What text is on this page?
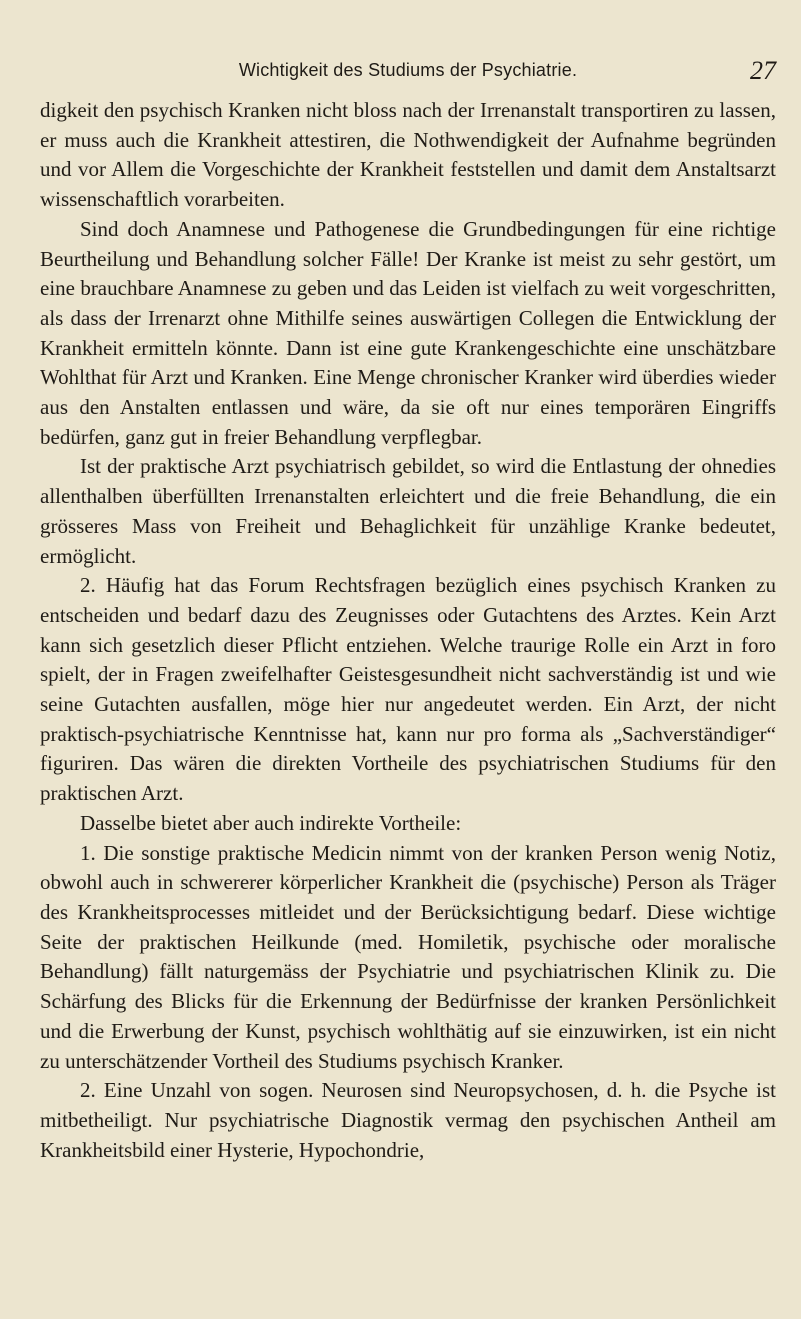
Wichtigkeit des Studiums der Psychiatrie.	27

digkeit den psychisch Kranken nicht bloss nach der Irrenanstalt transportiren zu lassen, er muss auch die Krankheit attestiren, die Nothwendigkeit der Aufnahme begründen und vor Allem die Vorgeschichte der Krankheit feststellen und damit dem Anstaltsarzt wissenschaftlich vorarbeiten.

Sind doch Anamnese und Pathogenese die Grundbedingungen für eine richtige Beurtheilung und Behandlung solcher Fälle! Der Kranke ist meist zu sehr gestört, um eine brauchbare Anamnese zu geben und das Leiden ist vielfach zu weit vorgeschritten, als dass der Irrenarzt ohne Mithilfe seines auswärtigen Collegen die Entwicklung der Krankheit ermitteln könnte. Dann ist eine gute Krankengeschichte eine unschätzbare Wohlthat für Arzt und Kranken. Eine Menge chronischer Kranker wird überdies wieder aus den Anstalten entlassen und wäre, da sie oft nur eines temporären Eingriffs bedürfen, ganz gut in freier Behandlung verpflegbar.

Ist der praktische Arzt psychiatrisch gebildet, so wird die Entlastung der ohnedies allenthalben überfüllten Irrenanstalten erleichtert und die freie Behandlung, die ein grösseres Mass von Freiheit und Behaglichkeit für unzählige Kranke bedeutet, ermöglicht.

2. Häufig hat das Forum Rechtsfragen bezüglich eines psychisch Kranken zu entscheiden und bedarf dazu des Zeugnisses oder Gutachtens des Arztes. Kein Arzt kann sich gesetzlich dieser Pflicht entziehen. Welche traurige Rolle ein Arzt in foro spielt, der in Fragen zweifelhafter Geistesgesundheit nicht sachverständig ist und wie seine Gutachten ausfallen, möge hier nur angedeutet werden. Ein Arzt, der nicht praktisch-psychiatrische Kenntnisse hat, kann nur pro forma als „Sachverständiger“ figuriren. Das wären die direkten Vortheile des psychiatrischen Studiums für den praktischen Arzt.

Dasselbe bietet aber auch indirekte Vortheile:

1. Die sonstige praktische Medicin nimmt von der kranken Person wenig Notiz, obwohl auch in schwererer körperlicher Krankheit die (psychische) Person als Träger des Krankheitsprocesses mitleidet und der Berücksichtigung bedarf. Diese wichtige Seite der praktischen Heilkunde (med. Homiletik, psychische oder moralische Behandlung) fällt naturgemäss der Psychiatrie und psychiatrischen Klinik zu. Die Schärfung des Blicks für die Erkennung der Bedürfnisse der kranken Persönlichkeit und die Erwerbung der Kunst, psychisch wohlthätig auf sie einzuwirken, ist ein nicht zu unterschätzender Vortheil des Studiums psychisch Kranker.

2. Eine Unzahl von sogen. Neurosen sind Neuropsychosen, d. h. die Psyche ist mitbetheiligt. Nur psychiatrische Diagnostik vermag den psychischen Antheil am Krankheitsbild einer Hysterie, Hypochondrie,
